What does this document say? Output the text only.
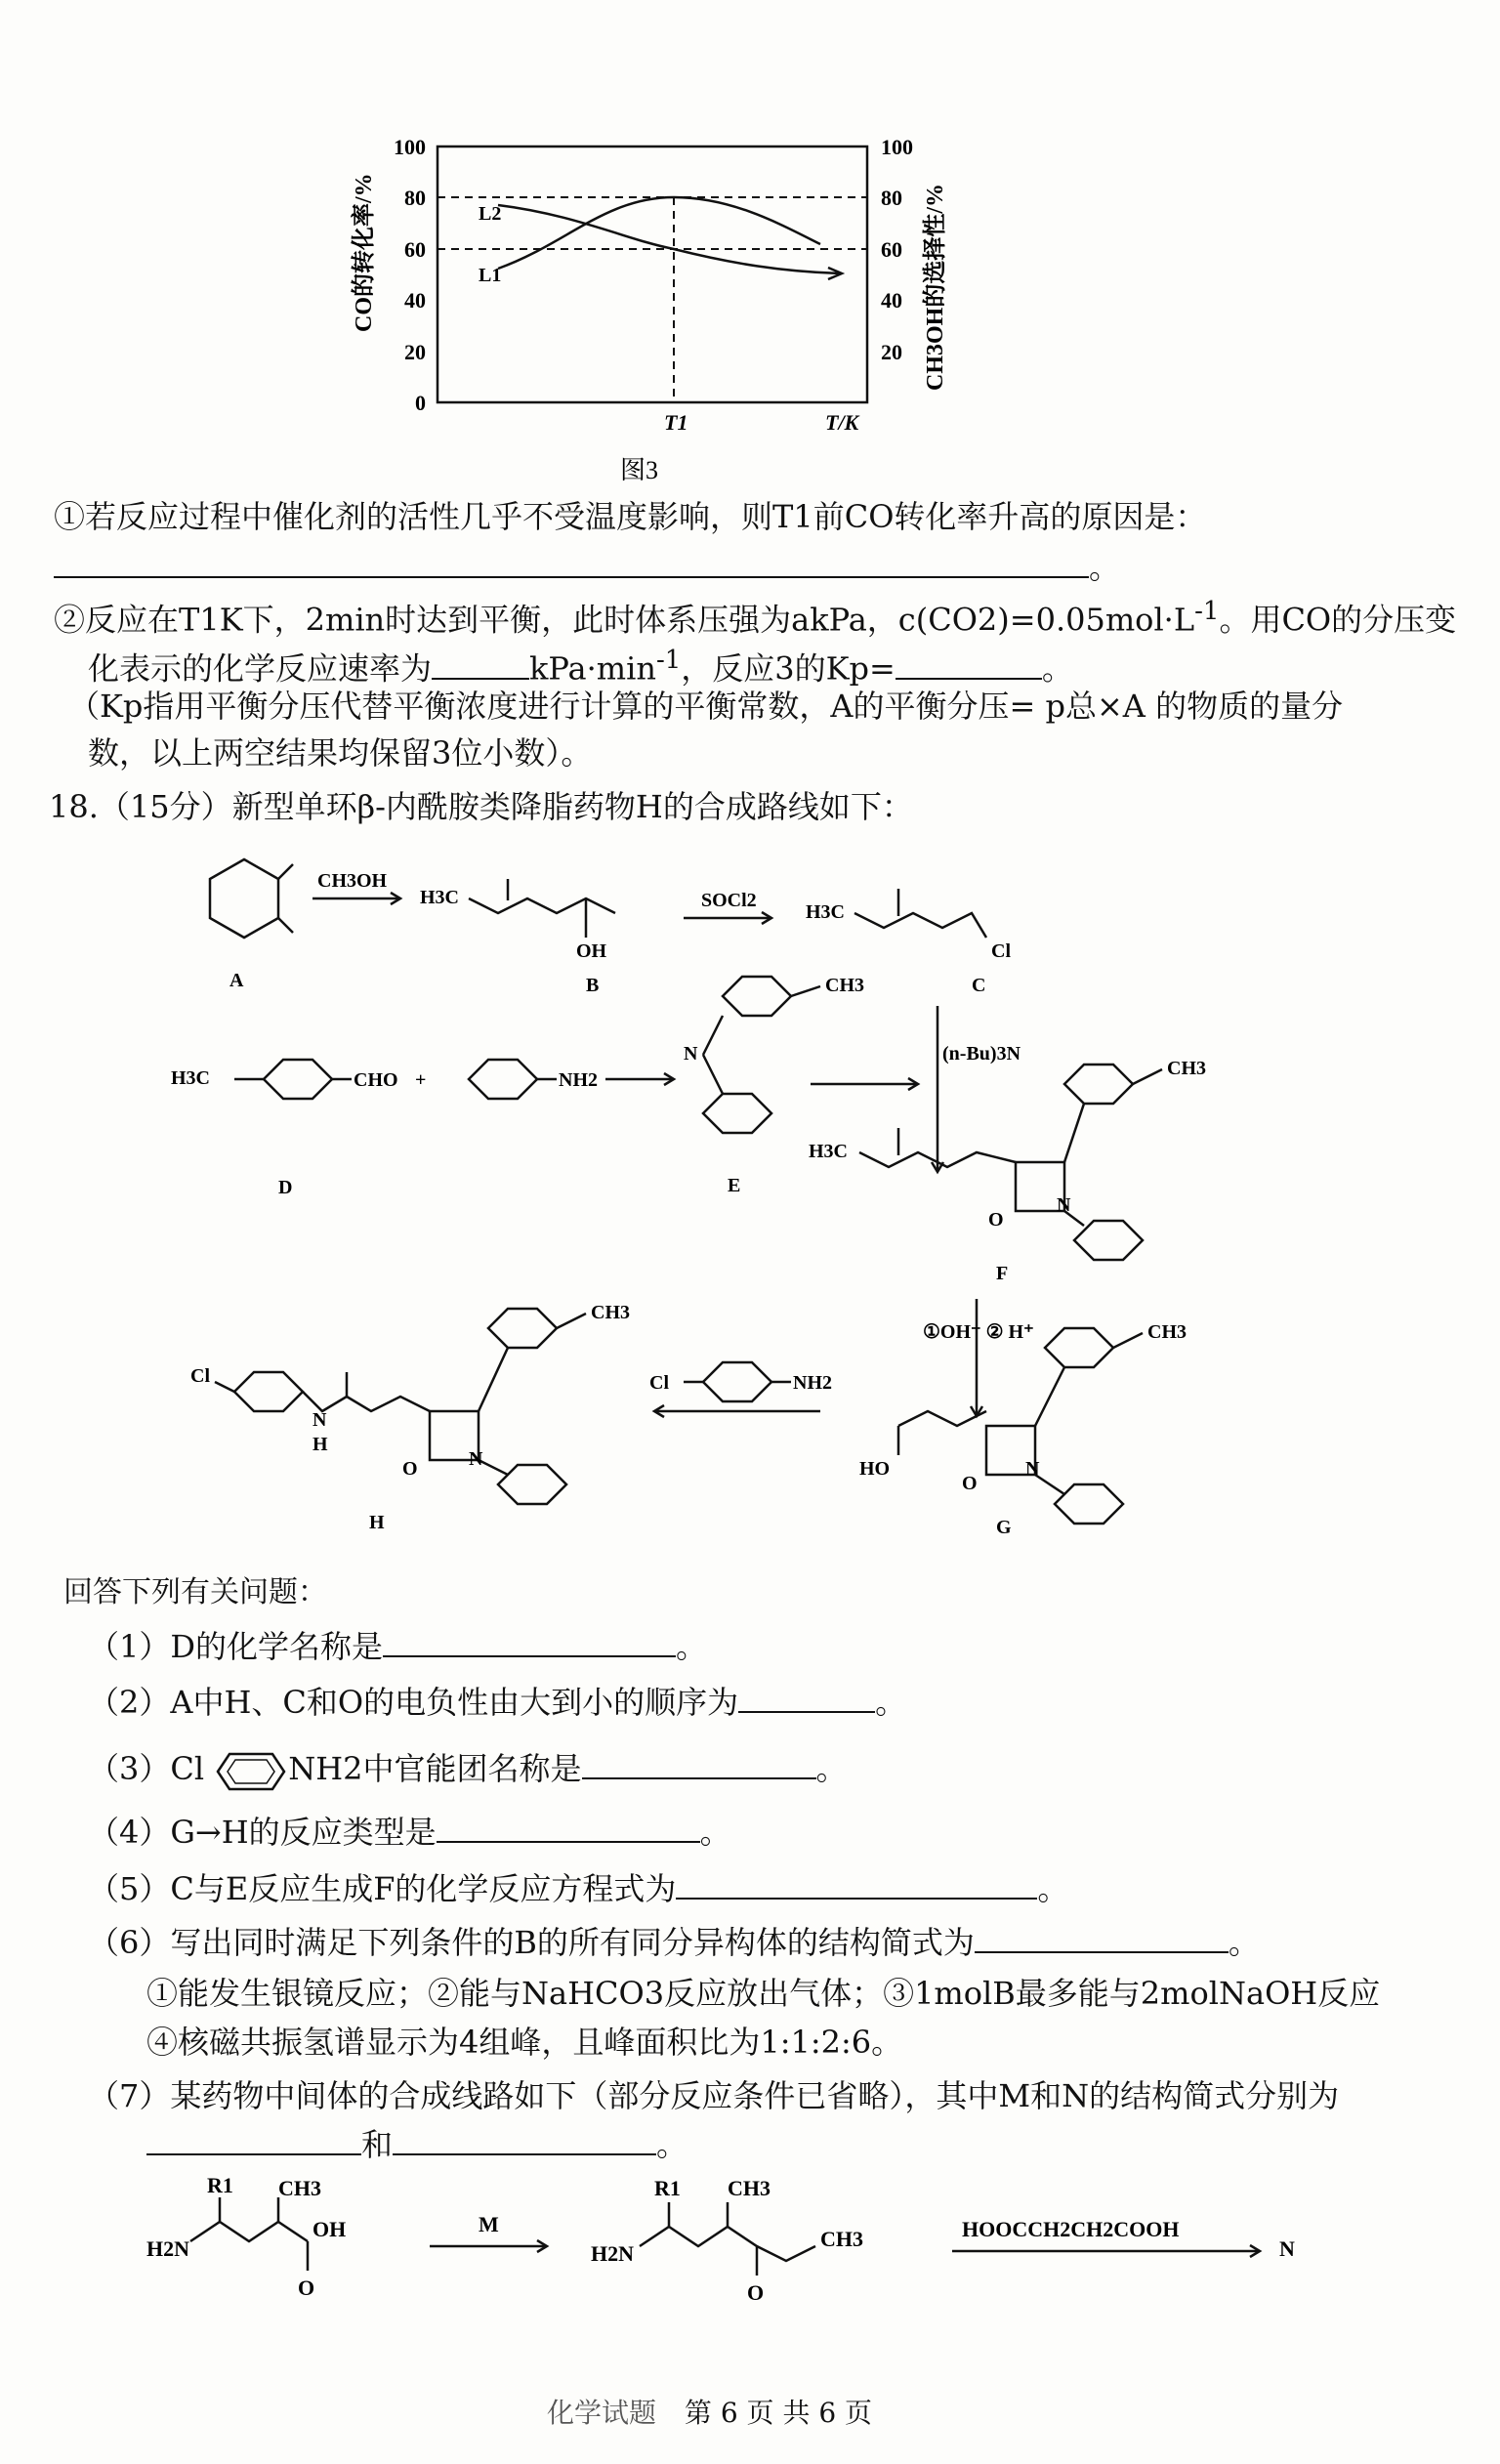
0
20
40
60
80
100
20
40
60
80
100
CO的转化率/%	CH3OH的选择性/%
T1	T/K
L2
L1
图3
①若反应过程中催化剂的活性几乎不受温度影响，则T1前CO转化率升高的原因是：
。
②反应在T1K下，2min时达到平衡，此时体系压强为akPa，$c(CO2)=0.05mol\cdot L^{-1}$。用CO的分压变
化表示的化学反应速率为	$kPa\cdot\min^{-1}$，反应3的Kp=	。
（Kp指用平衡分压代替平衡浓度进行计算的平衡常数，A的平衡分压= p总×A 的物质的量分
数，以上两空结果均保留3位小数）。
18.（15分）新型单环β-内酰胺类降脂药物H的合成路线如下：
CH3OH
SOCl2
H3C
OH
H3C
Cl
H3C	CHO +	NH2
N
CH3
(n-Bu)3N
H3C
CH3
O
N
①OH⁻ ② H⁺
Cl	NH2
HO
CH3
O
N
Cl
N
H
CH3
O	N
A	B	C
D	E
F
G
H
回答下列有关问题：
（1）D的化学名称是	。
（2）A中H、C和O的电负性由大到小的顺序为	。
（3）Cl	NH2中官能团名称是	。
（4）G→H的反应类型是	。
（5）C与E反应生成F的化学反应方程式为	。
（6）写出同时满足下列条件的B的所有同分异构体的结构简式为	。
①能发生银镜反应；②能与NaHCO3反应放出气体；③1molB最多能与2molNaOH反应
④核磁共振氢谱显示为4组峰，且峰面积比为1:1:2:6。
（7）某药物中间体的合成线路如下（部分反应条件已省略），其中M和N的结构简式分别为
和	。
R1 CH3
H2N
OH
O
M
R1 CH3
H2N
CH3
O
HOOCCH2CH2COOH
N
化学试题 第 6 页 共 6 页
